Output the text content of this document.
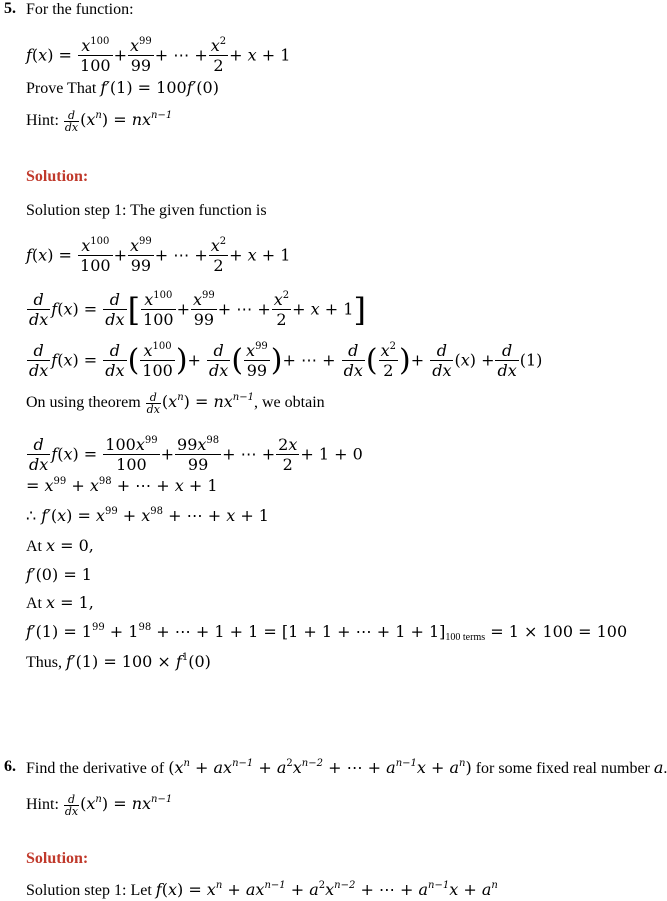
5. For the function:
$f(x) = \frac{x^{100}}{100} + \frac{x^{99}}{99}$ + ⋯ + $\frac{x^2}{2} + x + 1$
Prove That f′(1) = 100f′(0)
Hint: $\frac{d}{dx} (x^n) = nx^{n-1}$
Solution:
Solution step 1: The given function is
$f(x) = \frac{x^{100}}{100} + \frac{x^{99}}{99}$ + ⋯ + $\frac{x^2}{2} + x + 1$
$\frac{d}{dx} f(x) = \frac{d}{dx}$ [ $\frac{x^{100}}{100} + \frac{x^{99}}{99}$ + ⋯ + $\frac{x^2}{2} + x + 1$]
$\frac{d}{dx} f(x) = \frac{d}{dx}$ ( $\frac{x^{100}}{100}$ )+ $\frac{d}{dx}$ ( $\frac{x^{99}}{99}$ )+ ⋯ + $\frac{d}{dx}$ ( $\frac{x^2}{2}$ )+ $\frac{d}{dx} (x) + \frac{d}{dx} (1)$
On using theorem $\frac{d}{dx} (x^n) = nx^{n-1}$, we obtain
$\frac{d}{dx} f(x) = \frac{100x^{99}}{100} + \frac{99x^{98}}{99}$ + ⋯ + $\frac{2x}{2} + 1 + 0$
= $x^{99} + x^{98}$ + ⋯ + x + 1
∴ $f'(x) = x^{99} + x^{98}$ + ⋯ + x + 1
At x = 0,
f′(0) = 1
At x = 1,
$f'(1) = 1^{99} + 1^{98}$ + ⋯ + 1 + 1 = [1 + 1 + ⋯ + $1 + 1]_{100 terms} = 1 \times 100 = 100$
Thus, $f'(1) = 100 \times f^1(0)$
6. Find the derivative of ($x^n + ax^{n-1} + a^2x^{n-2}$ + ⋯ + $a^{n-1}x + a^n$) for some fixed real number a
Hint: $\frac{d}{dx} (x^n) = nx^{n-1}$
Solution:
Solution step 1: Let $f(x) = x^n + ax^{n-1} + a^2x^{n-2}$ + ⋯ + $a^{n-1}x + a^n$
